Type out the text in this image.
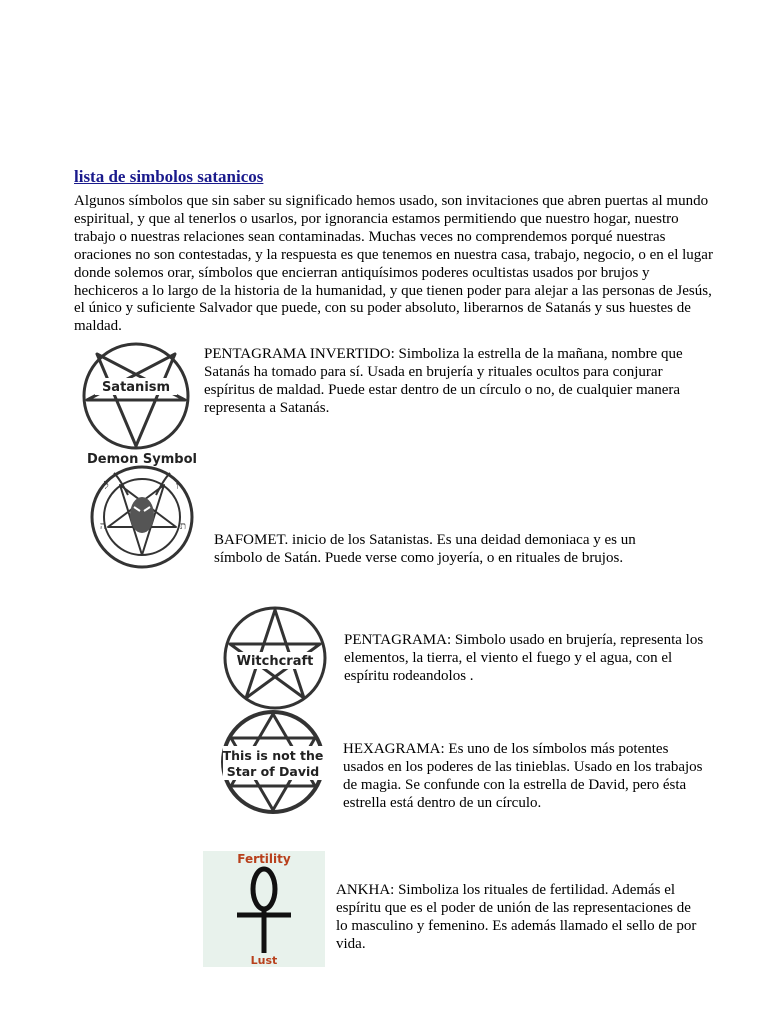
lista de simbolos satanicos
Algunos símbolos que sin saber su significado hemos usado, son invitaciones que abren puertas al mundo espiritual, y que al tenerlos o usarlos, por ignorancia estamos permitiendo que nuestro hogar, nuestro trabajo o nuestras relaciones sean contaminadas. Muchas veces no comprendemos porqué nuestras oraciones no son contestadas, y la respuesta es que tenemos en nuestra casa, trabajo, negocio, o en el lugar donde solemos orar, símbolos que encierran antiquísimos poderes ocultistas usados por brujos y hechiceros a lo largo de la historia de la humanidad, y que tienen poder para alejar a las personas de Jesús, el único y suficiente Salvador que puede, con su poder absoluto, liberarnos de Satanás y sus huestes de maldad.
Satanism
PENTAGRAMA INVERTIDO: Simboliza la estrella de la mañana, nombre que Satanás ha tomado para sí. Usada en brujería y rituales ocultos para conjurar espíritus de maldad. Puede estar dentro de un círculo o no, de cualquier manera representa a Satanás.
Demon Symbol
ל	ו
ה	ת
BAFOMET. inicio de los Satanistas. Es una deidad demoniaca y es un símbolo de Satán. Puede verse como joyería, o en rituales de brujos.
Witchcraft
PENTAGRAMA: Simbolo usado en brujería, representa los elementos, la tierra, el viento el fuego y el agua, con el espíritu rodeandolos .
This is not the
Star of David
HEXAGRAMA: Es uno de los símbolos más potentes usados en los poderes de las tinieblas. Usado en los trabajos de magia. Se confunde con la estrella de David, pero ésta estrella está dentro de un círculo.
Fertility
Lust
ANKHA: Simboliza los rituales de fertilidad. Además el espíritu que es el poder de unión de las representaciones de lo masculino y femenino. Es además llamado el sello de por vida.
